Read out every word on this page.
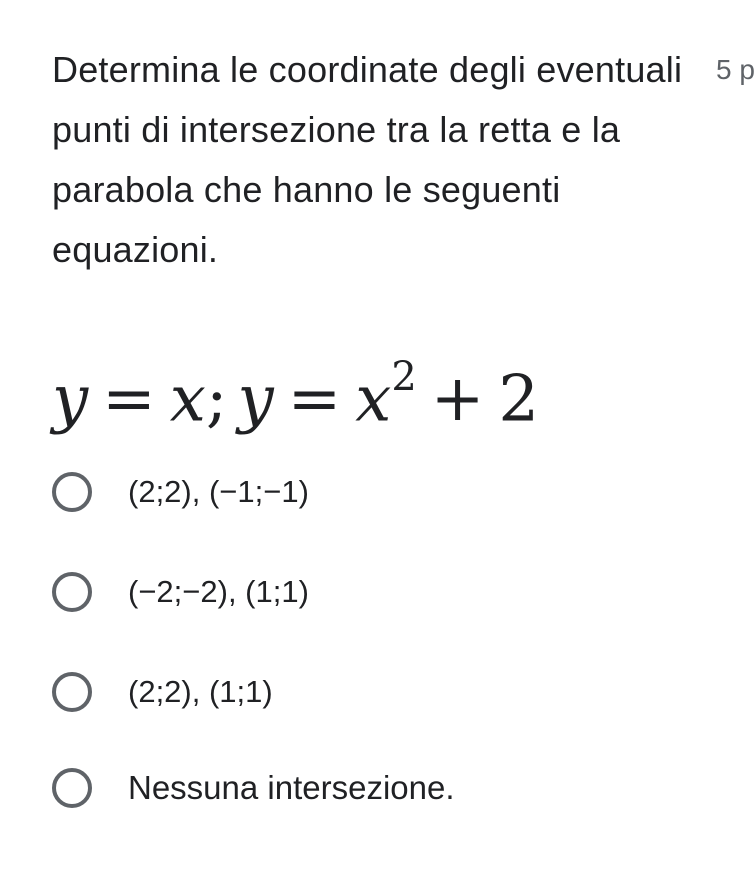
Determina le coordinate degli eventuali punti di intersezione tra la retta e la parabola che hanno le seguenti equazioni.
5 p
y = x; $y = x^2 + 2$
(2;2), (−1;−1)
(−2;−2), (1;1)
(2;2), (1;1)
Nessuna intersezione.
